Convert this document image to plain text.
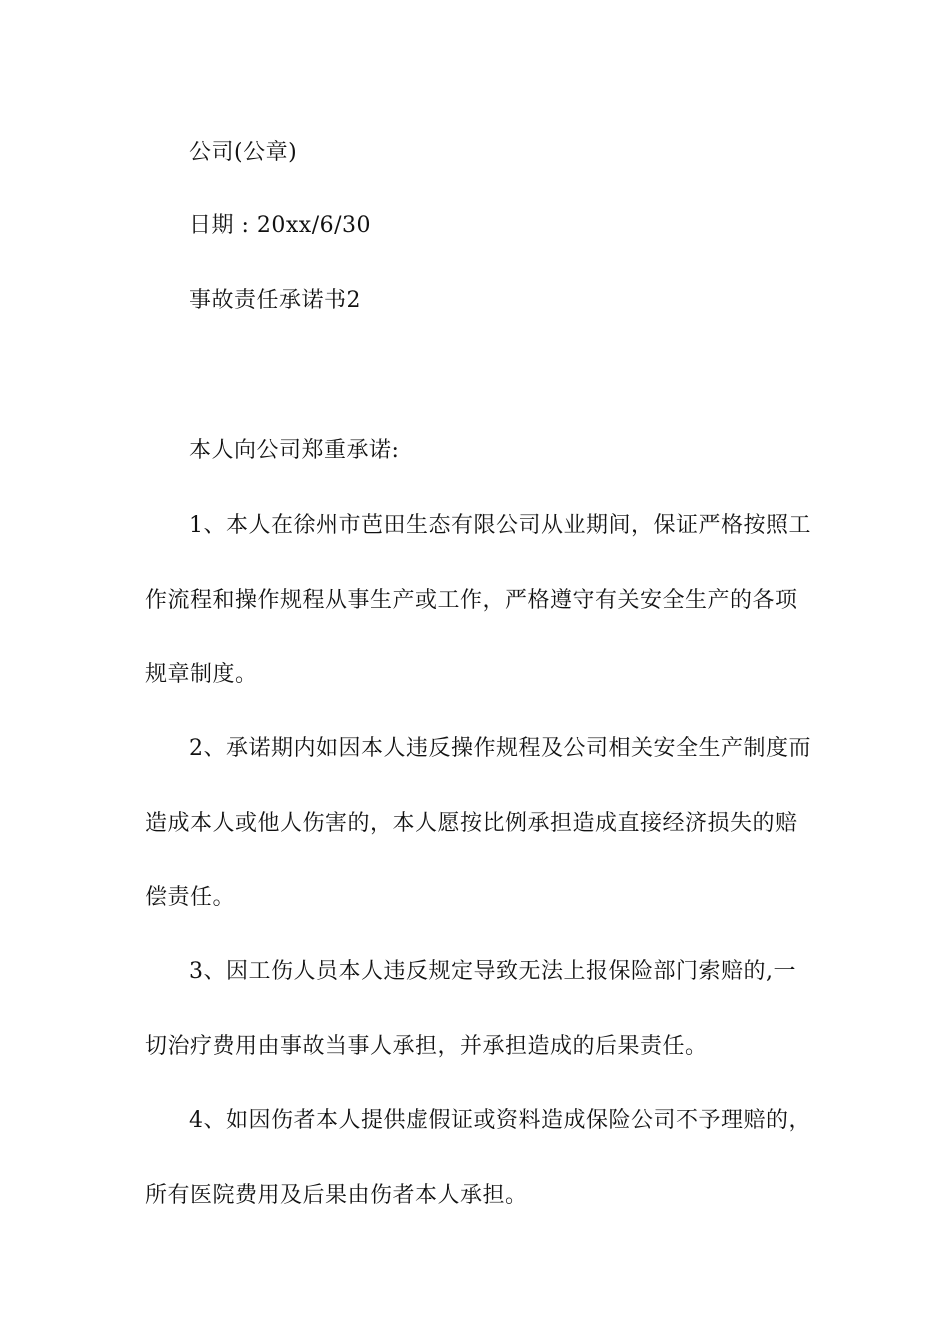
公司(公章)
日期 : 20xx/6/30
事故责任承诺书2
本人向公司郑重承诺:
1、本人在徐州市芭田生态有限公司从业期间，保证严格按照工
作流程和操作规程从事生产或工作，严格遵守有关安全生产的各项
规章制度。
2、承诺期内如因本人违反操作规程及公司相关安全生产制度而
造成本人或他人伤害的，本人愿按比例承担造成直接经济损失的赔
偿责任。
3、因工伤人员本人违反规定导致无法上报保险部门索赔的,一
切治疗费用由事故当事人承担，并承担造成的后果责任。
4、如因伤者本人提供虚假证或资料造成保险公司不予理赔的，
所有医院费用及后果由伤者本人承担。
